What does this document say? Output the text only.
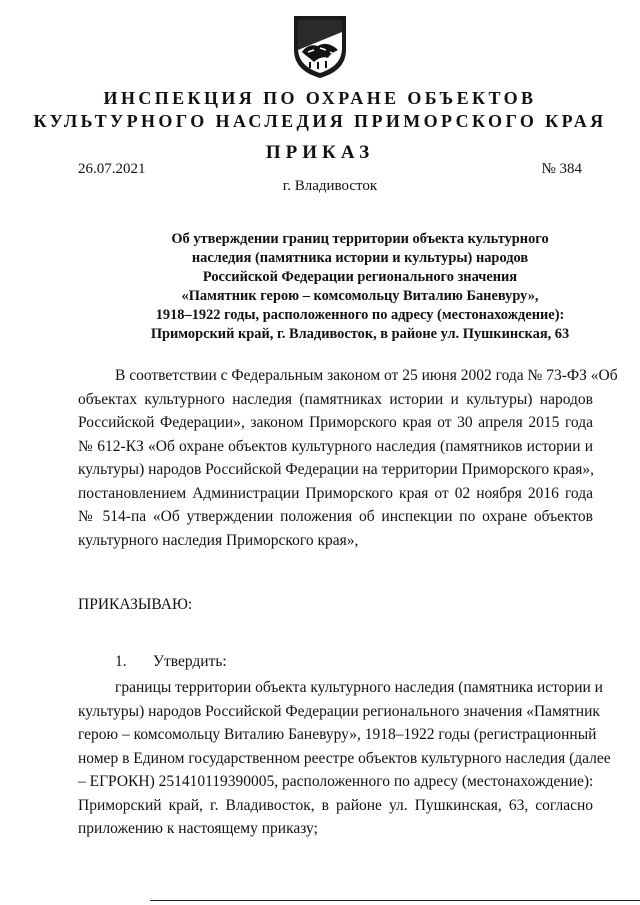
ИНСПЕКЦИЯ ПО ОХРАНЕ ОБЪЕКТОВ
КУЛЬТУРНОГО НАСЛЕДИЯ ПРИМОРСКОГО КРАЯ
ПРИКАЗ
26.07.2021	№ 384
г. Владивосток
Об утверждении границ территории объекта культурного
наследия (памятника истории и культуры) народов
Российской Федерации регионального значения
«Памятник герою – комсомольцу Виталию Баневуру»,
1918–1922 годы, расположенного по адресу (местонахождение):
Приморский край, г. Владивосток, в районе ул. Пушкинская, 63
В соответствии с Федеральным законом от 25 июня 2002 года № 73-ФЗ «Об
объектах культурного наследия (памятниках истории и культуры) народов
Российской Федерации», законом Приморского края от 30 апреля 2015 года
№ 612-КЗ «Об охране объектов культурного наследия (памятников истории и
культуры) народов Российской Федерации на территории Приморского края»,
постановлением Администрации Приморского края от 02 ноября 2016 года
№ 514-па «Об утверждении положения об инспекции по охране объектов
культурного наследия Приморского края»,
ПРИКАЗЫВАЮ:
1. Утвердить:
границы территории объекта культурного наследия (памятника истории и
культуры) народов Российской Федерации регионального значения «Памятник
герою – комсомольцу Виталию Баневуру», 1918–1922 годы (регистрационный
номер в Едином государственном реестре объектов культурного наследия (далее
– ЕГРОКН) 251410119390005, расположенного по адресу (местонахождение):
Приморский край, г. Владивосток, в районе ул. Пушкинская, 63, согласно
приложению к настоящему приказу;
